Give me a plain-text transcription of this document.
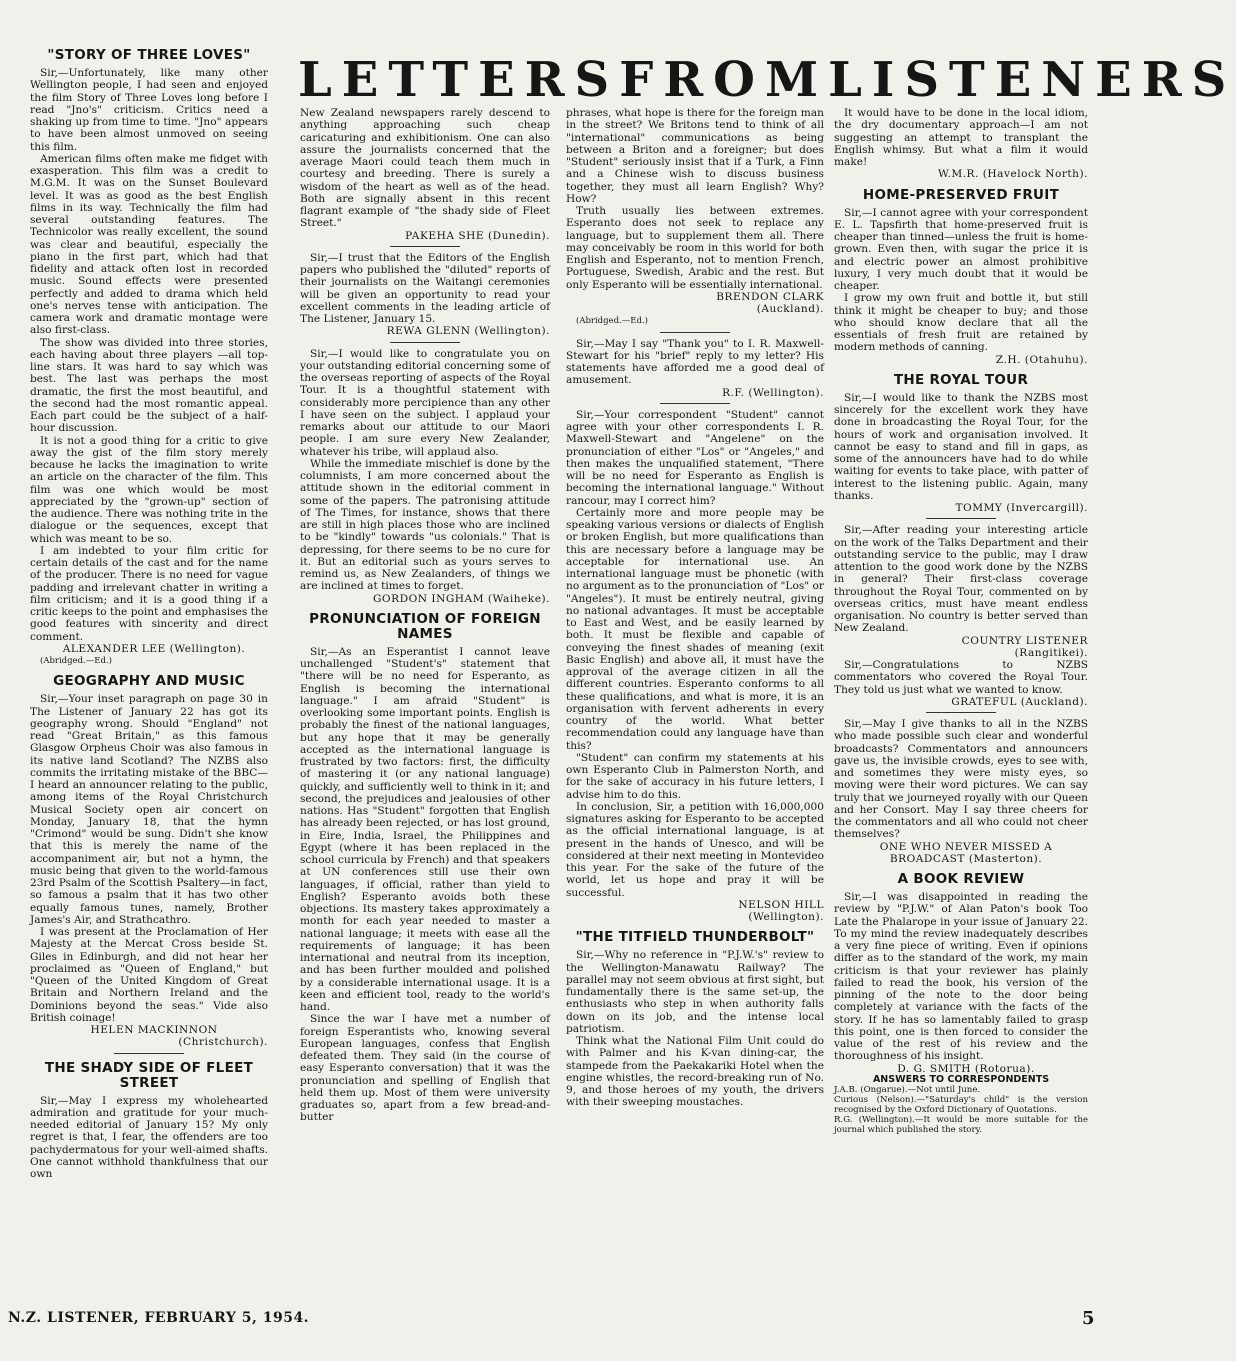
LETTERS FROM LISTENERS
"STORY OF THREE LOVES"

Sir,—Unfortunately, like many other Wellington people, I had seen and enjoyed the film Story of Three Loves long before I read "Jno's" criticism. Critics need a shaking up from time to time. "Jno" appears to have been almost unmoved on seeing this film.

American films often make me fidget with exasperation. This film was a credit to M.G.M. It was on the Sunset Boulevard level. It was as good as the best English films in its way. Technically the film had several outstanding features. The Technicolor was really excellent, the sound was clear and beautiful, especially the piano in the first part, which had that fidelity and attack often lost in recorded music. Sound effects were presented perfectly and added to drama which held one's nerves tense with anticipation. The camera work and dramatic montage were also first-class.

The show was divided into three stories, each having about three players —all top-line stars. It was hard to say which was best. The last was perhaps the most dramatic, the first the most beautiful, and the second had the most romantic appeal. Each part could be the subject of a half-hour discussion.

It is not a good thing for a critic to give away the gist of the film story merely because he lacks the imagination to write an article on the character of the film. This film was one which would be most appreciated by the "grown-up" section of the audience. There was nothing trite in the dialogue or the sequences, except that which was meant to be so.

I am indebted to your film critic for certain details of the cast and for the name of the producer. There is no need for vague padding and irrelevant chatter in writing a film criticism; and it is a good thing if a critic keeps to the point and emphasises the good features with sincerity and direct comment.

ALEXANDER LEE (Wellington).

(Abridged.—Ed.)

GEOGRAPHY AND MUSIC

Sir,—Your inset paragraph on page 30 in The Listener of January 22 has got its geography wrong. Should "England" not read "Great Britain," as this famous Glasgow Orpheus Choir was also famous in its native land Scotland? The NZBS also commits the irritating mistake of the BBC—I heard an announcer relating to the public, among items of the Royal Christchurch Musical Society open air concert on Monday, January 18, that the hymn "Crimond" would be sung. Didn't she know that this is merely the name of the accompaniment air, but not a hymn, the music being that given to the world-famous 23rd Psalm of the Scottish Psaltery—in fact, so famous a psalm that it has two other equally famous tunes, namely, Brother James's Air, and Strathcathro.

I was present at the Proclamation of Her Majesty at the Mercat Cross beside St. Giles in Edinburgh, and did not hear her proclaimed as "Queen of England," but "Queen of the United Kingdom of Great Britain and Northern Ireland and the Dominions beyond the seas." Vide also British coinage!

HELEN MACKINNON

(Christchurch).

THE SHADY SIDE OF FLEET STREET

Sir,—May I express my wholehearted admiration and gratitude for your much-needed editorial of January 15? My only regret is that, I fear, the offenders are too pachydermatous for your well-aimed shafts. One cannot withhold thankfulness that our own

New Zealand newspapers rarely descend to anything approaching such cheap caricaturing and exhibitionism. One can also assure the journalists concerned that the average Maori could teach them much in courtesy and breeding. There is surely a wisdom of the heart as well as of the head. Both are signally absent in this recent flagrant example of "the shady side of Fleet Street."

PAKEHA SHE (Dunedin).

Sir,—I trust that the Editors of the English papers who published the "diluted" reports of their journalists on the Waitangi ceremonies will be given an opportunity to read your excellent comments in the leading article of The Listener, January 15.

REWA GLENN (Wellington).

Sir,—I would like to congratulate you on your outstanding editorial concerning some of the overseas reporting of aspects of the Royal Tour. It is a thoughtful statement with considerably more percipience than any other I have seen on the subject. I applaud your remarks about our attitude to our Maori people. I am sure every New Zealander, whatever his tribe, will applaud also.

While the immediate mischief is done by the columnists, I am more concerned about the attitude shown in the editorial comment in some of the papers. The patronising attitude of The Times, for instance, shows that there are still in high places those who are inclined to be "kindly" towards "us colonials." That is depressing, for there seems to be no cure for it. But an editorial such as yours serves to remind us, as New Zealanders, of things we are inclined at times to forget.

GORDON INGHAM (Waiheke).

PRONUNCIATION OF FOREIGN NAMES

Sir,—As an Esperantist I cannot leave unchallenged "Student's" statement that "there will be no need for Esperanto, as English is becoming the international language." I am afraid "Student" is overlooking some important points. English is probably the finest of the national languages, but any hope that it may be generally accepted as the international language is frustrated by two factors: first, the difficulty of mastering it (or any national language) quickly, and sufficiently well to think in it; and second, the prejudices and jealousies of other nations. Has "Student" forgotten that English has already been rejected, or has lost ground, in Eire, India, Israel, the Philippines and Egypt (where it has been replaced in the school curricula by French) and that speakers at UN conferences still use their own languages, if official, rather than yield to English? Esperanto avoids both these objections. Its mastery takes approximately a month for each year needed to master a national language; it meets with ease all the requirements of language; it has been international and neutral from its inception, and has been further moulded and polished by a considerable international usage. It is a keen and efficient tool, ready to the world's hand.

Since the war I have met a number of foreign Esperantists who, knowing several European languages, confess that English defeated them. They said (in the course of easy Esperanto conversation) that it was the pronunciation and spelling of English that held them up. Most of them were university graduates so, apart from a few bread-and-butter

phrases, what hope is there for the foreign man in the street? We Britons tend to think of all "international" communications as being between a Briton and a foreigner; but does "Student" seriously insist that if a Turk, a Finn and a Chinese wish to discuss business together, they must all learn English? Why? How?

Truth usually lies between extremes. Esperanto does not seek to replace any language, but to supplement them all. There may conceivably be room in this world for both English and Esperanto, not to mention French, Portuguese, Swedish, Arabic and the rest. But only Esperanto will be essentially international.

BRENDON CLARK

(Auckland).

(Abridged.—Ed.)

Sir,—May I say "Thank you" to I. R. Maxwell-Stewart for his "brief" reply to my letter? His statements have afforded me a good deal of amusement.

R.F. (Wellington).

Sir,—Your correspondent "Student" cannot agree with your other correspondents I. R. Maxwell-Stewart and "Angelene" on the pronunciation of either "Los" or "Angeles," and then makes the unqualified statement, "There will be no need for Esperanto as English is becoming the international language." Without rancour, may I correct him?

Certainly more and more people may be speaking various versions or dialects of English or broken English, but more qualifications than this are necessary before a language may be acceptable for international use. An international language must be phonetic (with no argument as to the pronunciation of "Los" or "Angeles"). It must be entirely neutral, giving no national advantages. It must be acceptable to East and West, and be easily learned by both. It must be flexible and capable of conveying the finest shades of meaning (exit Basic English) and above all, it must have the approval of the average citizen in all the different countries. Esperanto conforms to all these qualifications, and what is more, it is an organisation with fervent adherents in every country of the world. What better recommendation could any language have than this?

"Student" can confirm my statements at his own Esperanto Club in Palmerston North, and for the sake of accuracy in his future letters, I advise him to do this.

In conclusion, Sir, a petition with 16,000,000 signatures asking for Esperanto to be accepted as the official international language, is at present in the hands of Unesco, and will be considered at their next meeting in Montevideo this year. For the sake of the future of the world, let us hope and pray it will be successful.

NELSON HILL

(Wellington).

"THE TITFIELD THUNDERBOLT"

Sir,—Why no reference in "P.J.W.'s" review to the Wellington-Manawatu Railway? The parallel may not seem obvious at first sight, but fundamentally there is the same set-up, the enthusiasts who step in when authority falls down on its job, and the intense local patriotism.

Think what the National Film Unit could do with Palmer and his K-van dining-car, the stampede from the Paekakariki Hotel when the engine whistles, the record-breaking run of No. 9, and those heroes of my youth, the drivers with their sweeping moustaches.

It would have to be done in the local idiom, the dry documentary approach—I am not suggesting an attempt to transplant the English whimsy. But what a film it would make!

W.M.R. (Havelock North).

HOME-PRESERVED FRUIT

Sir,—I cannot agree with your correspondent E. L. Tapsfirth that home-preserved fruit is cheaper than tinned—unless the fruit is home-grown. Even then, with sugar the price it is and electric power an almost prohibitive luxury, I very much doubt that it would be cheaper.

I grow my own fruit and bottle it, but still think it might be cheaper to buy; and those who should know declare that all the essentials of fresh fruit are retained by modern methods of canning.

Z.H. (Otahuhu).

THE ROYAL TOUR

Sir,—I would like to thank the NZBS most sincerely for the excellent work they have done in broadcasting the Royal Tour, for the hours of work and organisation involved. It cannot be easy to stand and fill in gaps, as some of the announcers have had to do while waiting for events to take place, with patter of interest to the listening public. Again, many thanks.

TOMMY (Invercargill).

Sir,—After reading your interesting article on the work of the Talks Department and their outstanding service to the public, may I draw attention to the good work done by the NZBS in general? Their first-class coverage throughout the Royal Tour, commented on by overseas critics, must have meant endless organisation. No country is better served than New Zealand.

COUNTRY LISTENER

(Rangitikei).

Sir,—Congratulations to NZBS commentators who covered the Royal Tour. They told us just what we wanted to know.

GRATEFUL (Auckland).

Sir,—May I give thanks to all in the NZBS who made possible such clear and wonderful broadcasts? Commentators and announcers gave us, the invisible crowds, eyes to see with, and sometimes they were misty eyes, so moving were their word pictures. We can say truly that we journeyed royally with our Queen and her Consort. May I say three cheers for the commentators and all who could not cheer themselves?

ONE WHO NEVER MISSED A

BROADCAST (Masterton).

A BOOK REVIEW

Sir,—I was disappointed in reading the review by "P.J.W." of Alan Paton's book Too Late the Phalarope in your issue of January 22. To my mind the review inadequately describes a very fine piece of writing. Even if opinions differ as to the standard of the work, my main criticism is that your reviewer has plainly failed to read the book, his version of the pinning of the note to the door being completely at variance with the facts of the story. If he has so lamentably failed to grasp this point, one is then forced to consider the value of the rest of his review and the thoroughness of his insight.

D. G. SMITH (Rotorua).

ANSWERS TO CORRESPONDENTS

J.A.B. (Ongarue).—Not until June.

Curious (Nelson).—"Saturday's child" is the version recognised by the Oxford Dictionary of Quotations.

R.G. (Wellington).—It would be more suitable for the journal which published the story.

N.Z. LISTENER, FEBRUARY 5, 1954.	5
